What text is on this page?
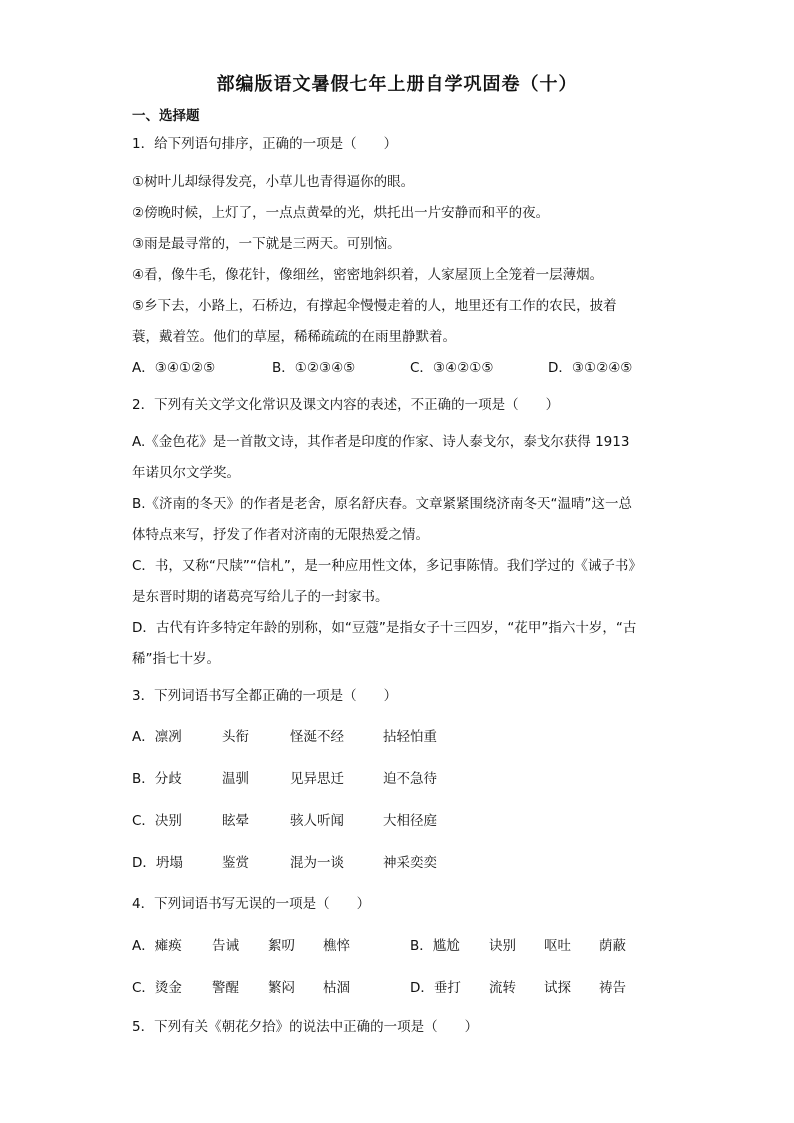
部编版语文暑假七年上册自学巩固卷（十）
一、选择题
1．给下列语句排序，正确的一项是（　　）
①树叶儿却绿得发亮，小草儿也青得逼你的眼。
②傍晚时候，上灯了，一点点黄晕的光，烘托出一片安静而和平的夜。
③雨是最寻常的，一下就是三两天。可别恼。
④看，像牛毛，像花针，像细丝，密密地斜织着，人家屋顶上全笼着一层薄烟。
⑤乡下去，小路上，石桥边，有撑起伞慢慢走着的人，地里还有工作的农民，披着
蓑，戴着笠。他们的草屋，稀稀疏疏的在雨里静默着。
A．③④①②⑤	B．①②③④⑤	C．③④②①⑤	D．③①②④⑤
2．下列有关文学文化常识及课文内容的表述，不正确的一项是（　　）
A.《金色花》是一首散文诗，其作者是印度的作家、诗人泰戈尔，泰戈尔获得 1913
年诺贝尔文学奖。
B.《济南的冬天》的作者是老舍，原名舒庆春。文章紧紧围绕济南冬天“温晴”这一总
体特点来写，抒发了作者对济南的无限热爱之情。
C．书，又称“尺牍”“信札”，是一种应用性文体，多记事陈情。我们学过的《诫子书》
是东晋时期的诸葛亮写给儿子的一封家书。
D．古代有许多特定年龄的别称，如“豆蔻”是指女子十三四岁，“花甲”指六十岁，“古
稀”指七十岁。
3．下列词语书写全都正确的一项是（　　）
A．凛冽	头衔	怪涎不经	拈轻怕重
B．分歧	温驯	见异思迁	迫不急待
C．决别	眩晕	骇人听闻	大相径庭
D．坍塌	鉴赏	混为一谈	神采奕奕
4．下列词语书写无误的一项是（　　）
A．瘫痪 告诫 絮叨 樵悴	B．尴尬 诀别 呕吐 荫蔽
C．烫金 警醒 繁闷 枯涸	D．垂打 流转 试探 祷告
5．下列有关《朝花夕拾》的说法中正确的一项是（　　）
